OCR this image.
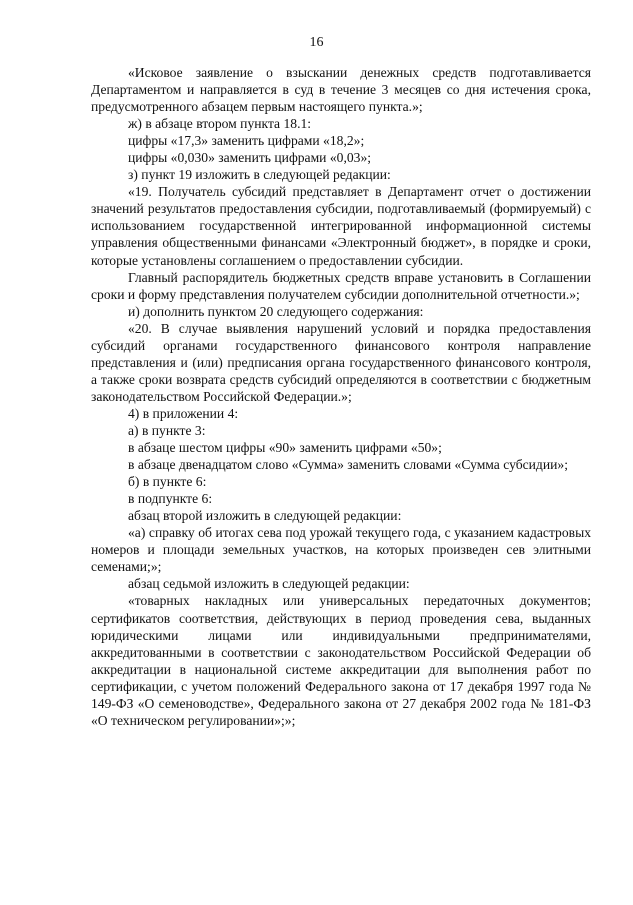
16

«Исковое заявление о взыскании денежных средств подготавливается Департаментом и направляется в суд в течение 3 месяцев со дня истечения срока, предусмотренного абзацем первым настоящего пункта.»;

ж) в абзаце втором пункта 18.1:

цифры «17,3» заменить цифрами «18,2»;

цифры «0,030» заменить цифрами «0,03»;

з) пункт 19 изложить в следующей редакции:

«19. Получатель субсидий представляет в Департамент отчет о достижении значений результатов предоставления субсидии, подготавливаемый (формируемый) с использованием государственной интегрированной информационной системы управления общественными финансами «Электронный бюджет», в порядке и сроки, которые установлены соглашением о предоставлении субсидии.

Главный распорядитель бюджетных средств вправе установить в Соглашении сроки и форму представления получателем субсидии дополнительной отчетности.»;

и) дополнить пунктом 20 следующего содержания:

«20. В случае выявления нарушений условий и порядка предоставления субсидий органами государственного финансового контроля направление представления и (или) предписания органа государственного финансового контроля, а также сроки возврата средств субсидий определяются в соответствии с бюджетным законодательством Российской Федерации.»;

4) в приложении 4:

а) в пункте 3:

в абзаце шестом цифры «90» заменить цифрами «50»;

в абзаце двенадцатом слово «Сумма» заменить словами «Сумма субсидии»;

б) в пункте 6:

в подпункте 6:

абзац второй изложить в следующей редакции:

«а) справку об итогах сева под урожай текущего года, с указанием кадастровых номеров и площади земельных участков, на которых произведен сев элитными семенами;»;

абзац седьмой изложить в следующей редакции:

«товарных накладных или универсальных передаточных документов; сертификатов соответствия, действующих в период проведения сева, выданных юридическими лицами или индивидуальными предпринимателями, аккредитованными в соответствии с законодательством Российской Федерации об аккредитации в национальной системе аккредитации для выполнения работ по сертификации, с учетом положений Федерального закона от 17 декабря 1997 года № 149-ФЗ «О семеноводстве», Федерального закона от 27 декабря 2002 года № 181-ФЗ «О техническом регулировании»;»;
